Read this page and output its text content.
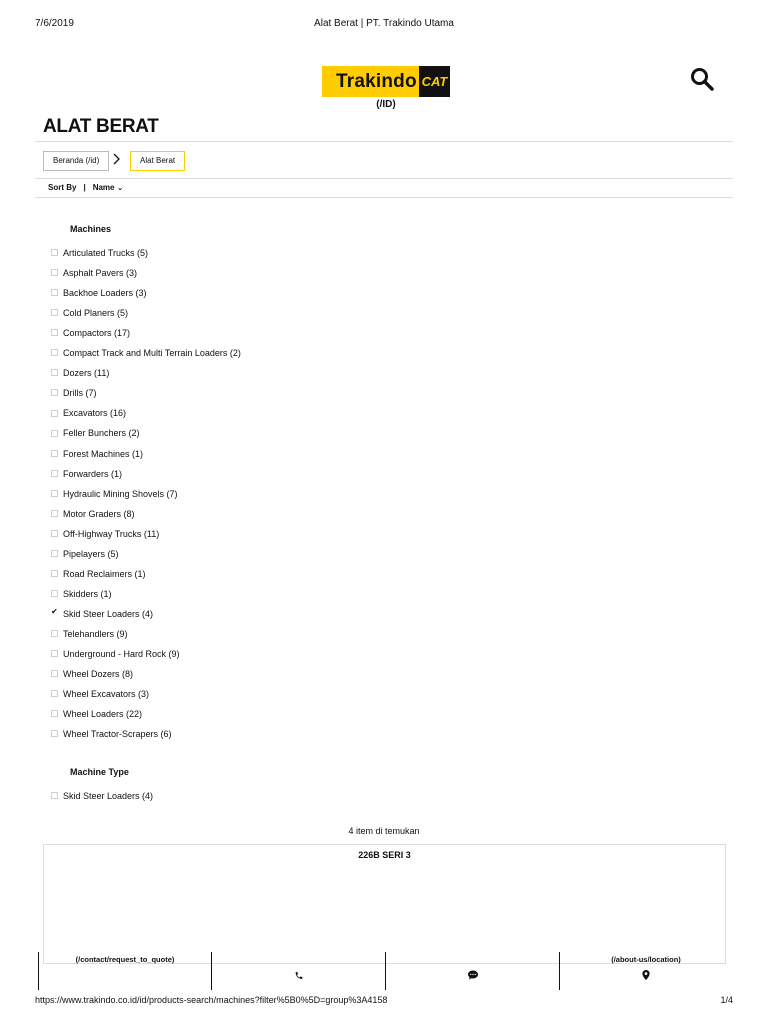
7/6/2019	Alat Berat | PT. Trakindo Utama
Trakindo CAT
(/ID)
ALAT BERAT
Beranda (/id)	Alat Berat
Sort By | Name ⌄
Machines
Articulated Trucks (5)
Asphalt Pavers (3)
Backhoe Loaders (3)
Cold Planers (5)
Compactors (17)
Compact Track and Multi Terrain Loaders (2)
Dozers (11)
Drills (7)
Excavators (16)
Feller Bunchers (2)
Forest Machines (1)
Forwarders (1)
Hydraulic Mining Shovels (7)
Motor Graders (8)
Off-Highway Trucks (11)
Pipelayers (5)
Road Reclaimers (1)
Skidders (1)
✔Skid Steer Loaders (4)
Telehandlers (9)
Underground - Hard Rock (9)
Wheel Dozers (8)
Wheel Excavators (3)
Wheel Loaders (22)
Wheel Tractor-Scrapers (6)
Machine Type
Skid Steer Loaders (4)
4 item di temukan
226B SERI 3
(/contact/request_to_quote)	(/about-us/location)
https://www.trakindo.co.id/id/products-search/machines?filter%5B0%5D=group%3A4158	1/4
